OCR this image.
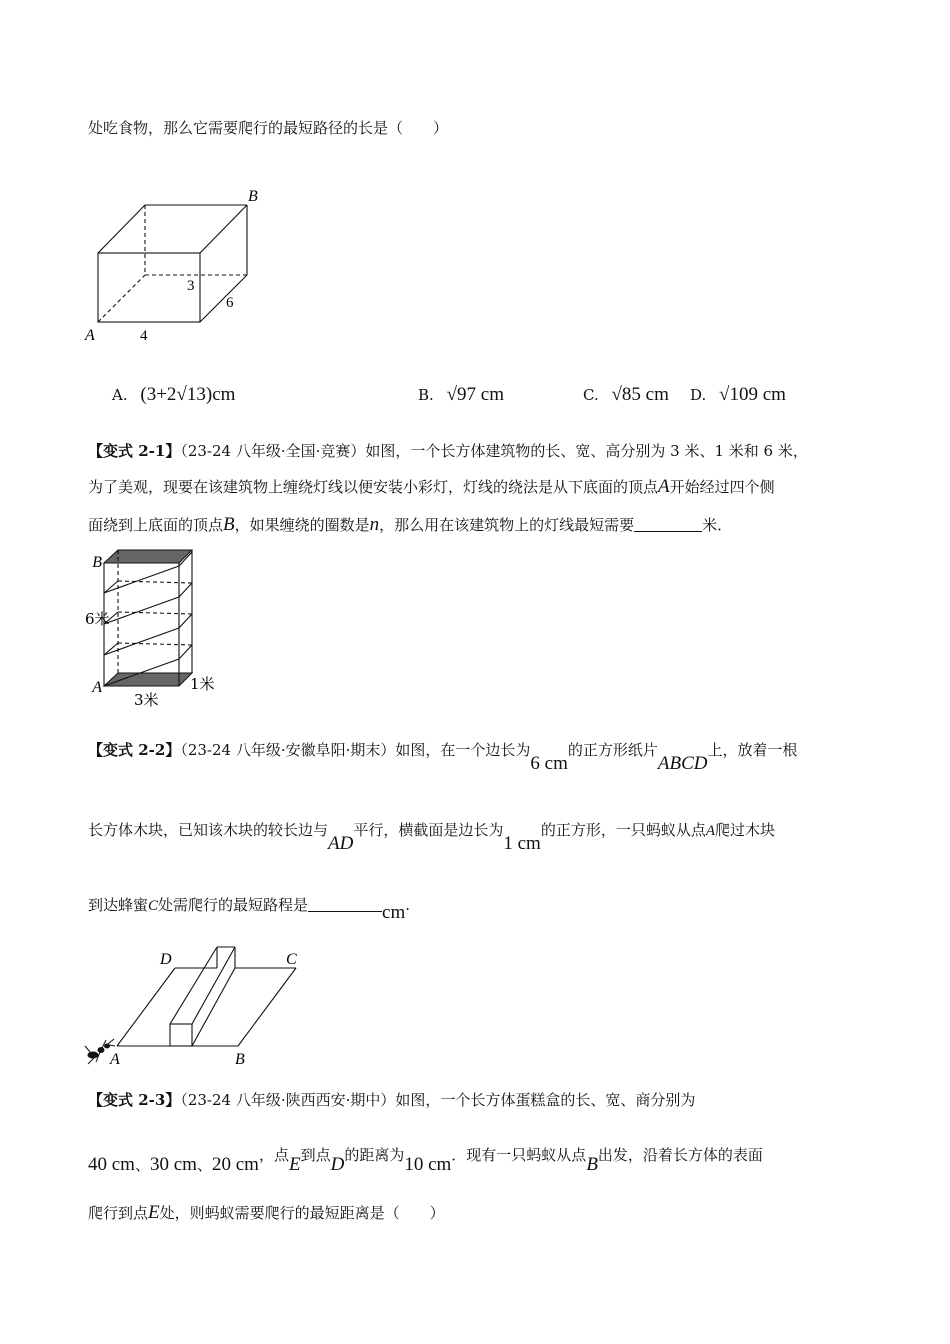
处吃食物，那么它需要爬行的最短路径的长是（　　）
B
A
3
6
4
A. (3+2√13)cm	B. √97 cm	C. √85 cm D. √109 cm
【变式 2-1】（23-24 八年级·全国·竞赛）如图，一个长方体建筑物的长、宽、高分别为 3 米、1 米和 6 米，
为了美观，现要在该建筑物上缠绕灯线以便安装小彩灯，灯线的绕法是从下底面的顶点A开始经过四个侧
面绕到上底面的顶点B，如果缠绕的圈数是n，那么用在该建筑物上的灯线最短需要	米．
B
6米
A
3米
1米
【变式 2-2】（23-24 八年级·安徽阜阳·期末）如图，在一个边长为6 cm的正方形纸片ABCD上，放着一根
长方体木块，已知该木块的较长边与AD平行，横截面是边长为1 cm的正方形，一只蚂蚁从点A爬过木块
到达蜂蜜C处需爬行的最短路程是	cm.
D	C
A	B
【变式 2-3】（23-24 八年级·陕西西安·期中）如图，一个长方体蛋糕盒的长、宽、商分别为
40 cm、30 cm、20 cm，点E到点D的距离为10 cm．现有一只蚂蚁从点B出发，沿着长方体的表面
爬行到点E处，则蚂蚁需要爬行的最短距离是（　　）
